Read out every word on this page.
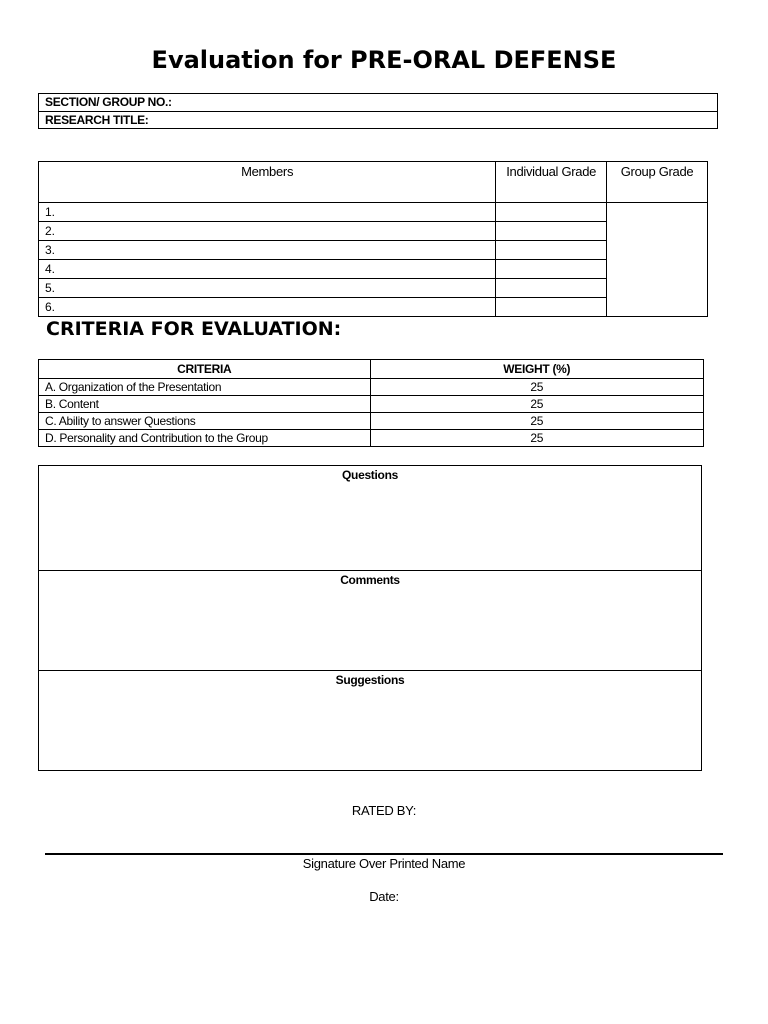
Evaluation for PRE-ORAL DEFENSE
SECTION/ GROUP NO.:
RESEARCH TITLE:
Members	Individual Grade	Group Grade
1.		
2.		
3.		
4.		
5.		
6.		
CRITERIA FOR EVALUATION:
CRITERIA	WEIGHT (%)
A. Organization of the Presentation	25
B. Content	25
C. Ability to answer Questions	25
D. Personality and Contribution to the Group	25
Questions
Comments
Suggestions
RATED BY:
Signature Over Printed Name
Date:
